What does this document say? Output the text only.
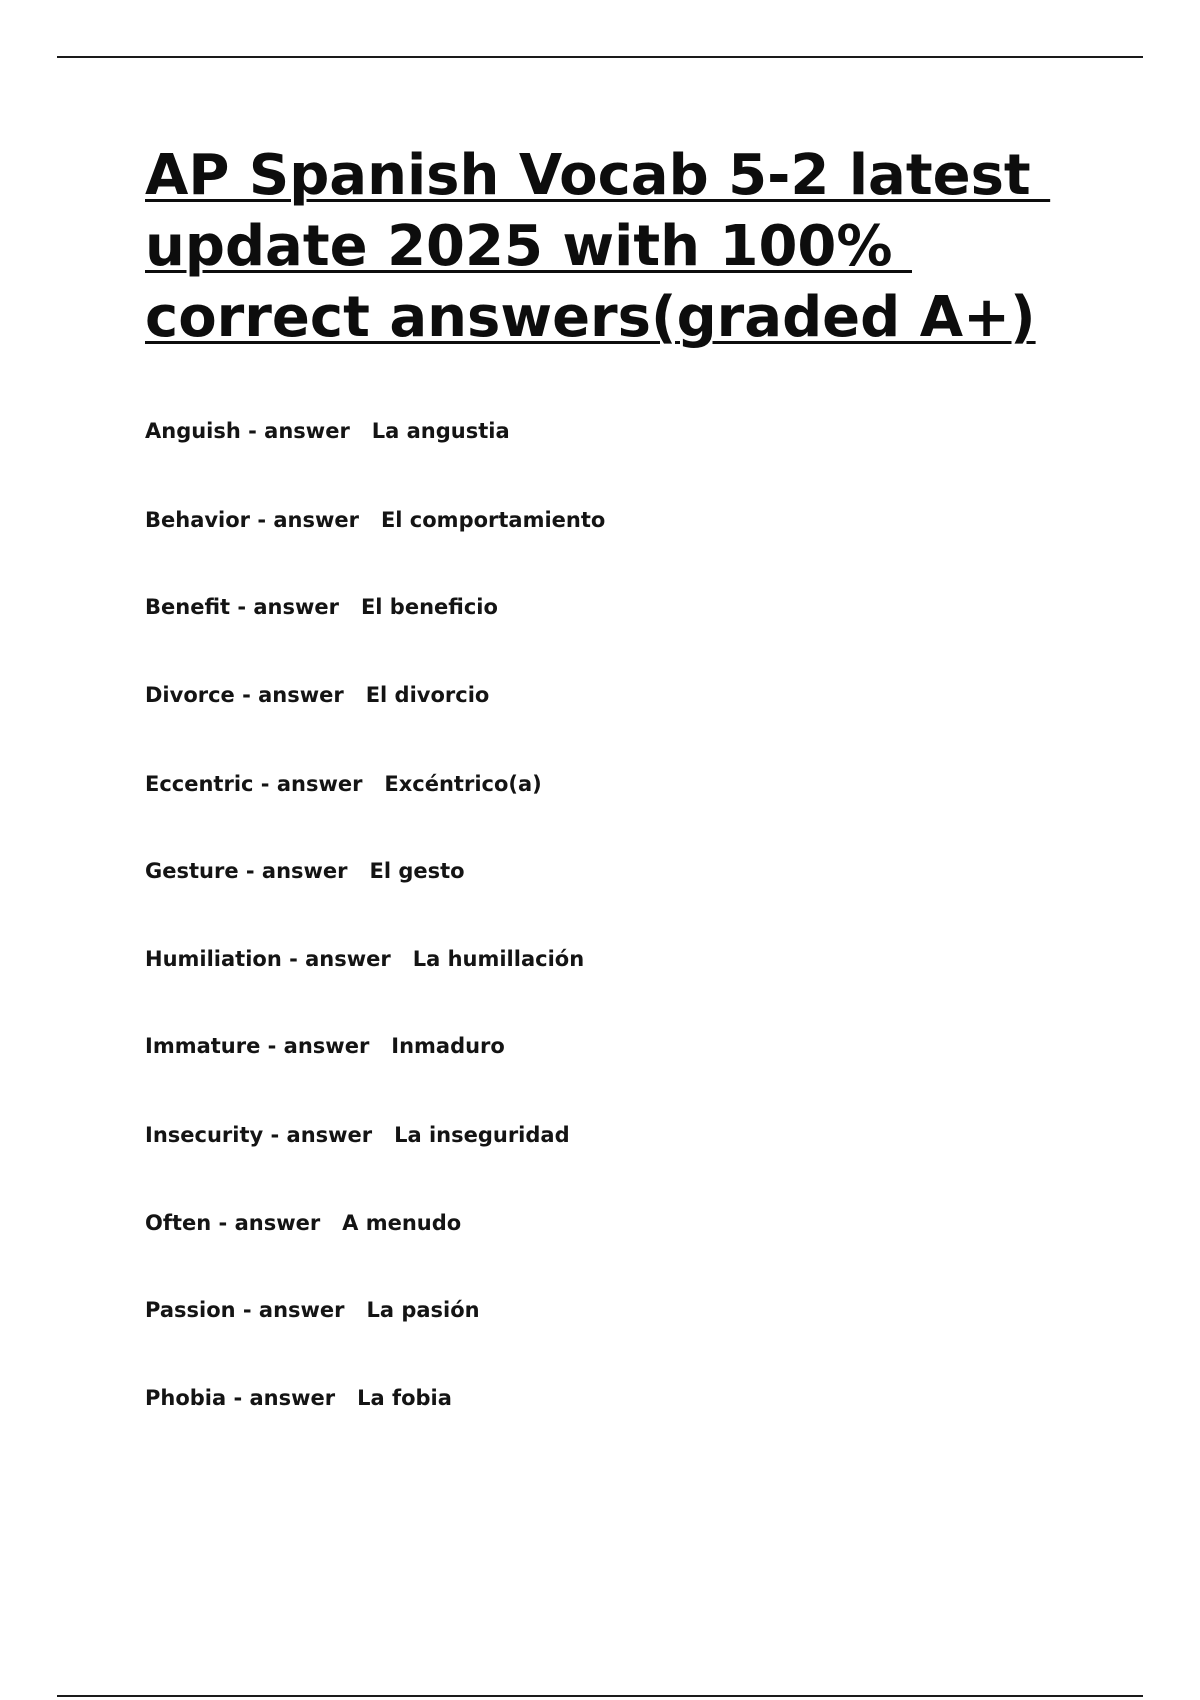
AP Spanish Vocab 5-2 latest
update 2025 with 100%
correct answers(graded A+)
Anguish - answer La angustia
Behavior - answer El comportamiento
Benefit - answer El beneficio
Divorce - answer El divorcio
Eccentric - answer Excéntrico(a)
Gesture - answer El gesto
Humiliation - answer La humillación
Immature - answer Inmaduro
Insecurity - answer La inseguridad
Often - answer A menudo
Passion - answer La pasión
Phobia - answer La fobia
